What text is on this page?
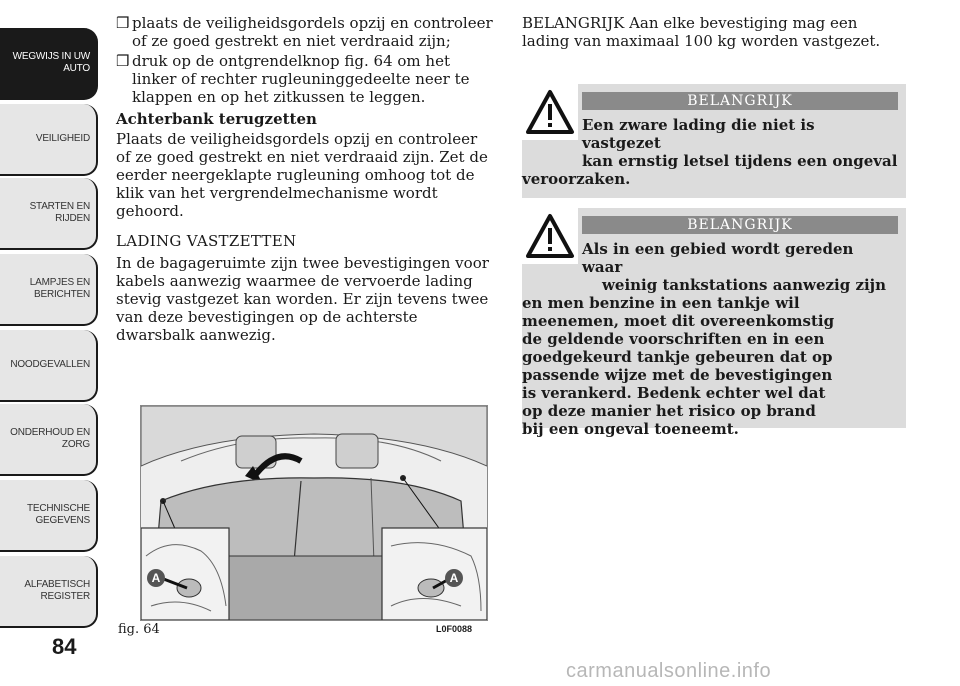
WEGWIJS IN UW AUTO
VEILIGHEID
STARTEN EN RIJDEN
LAMPJES EN BERICHTEN
NOODGEVALLEN
ONDERHOUD EN ZORG
TECHNISCHE GEGEVENS
ALFABETISCH REGISTER
84

❒ plaats de veiligheidsgordels opzij en controleer of ze goed gestrekt en niet verdraaid zijn;

❒ druk op de ontgrendelknop fig. 64 om het linker of rechter rugleuninggedeelte neer te klappen en op het zitkussen te leggen.

Achterbank terugzetten

Plaats de veiligheidsgordels opzij en controleer of ze goed gestrekt en niet verdraaid zijn. Zet de eerder neergeklapte rugleuning omhoog tot de klik van het vergrendelmechanisme wordt gehoord.

LADING VASTZETTEN

In de bagageruimte zijn twee bevestigingen voor kabels aanwezig waarmee de vervoerde lading stevig vastgezet kan worden. Er zijn tevens twee van deze bevestigingen op de achterste dwarsbalk aanwezig.

A	A
fig. 64	L0F0088

BELANGRIJK Aan elke bevestiging mag een lading van maximaal 100 kg worden vastgezet.

BELANGRIJK
Een zware lading die niet is vastgezet
kan ernstig letsel tijdens een ongeval
veroorzaken.
BELANGRIJK
Als in een gebied wordt gereden waar
weinig tankstations aanwezig zijn
en men benzine in een tankje wil meenemen, moet dit overeenkomstig de geldende voorschriften en in een goedgekeurd tankje gebeuren dat op passende wijze met de bevestigingen is verankerd. Bedenk echter wel dat op deze manier het risico op brand bij een ongeval toeneemt.
carmanualsonline.info
